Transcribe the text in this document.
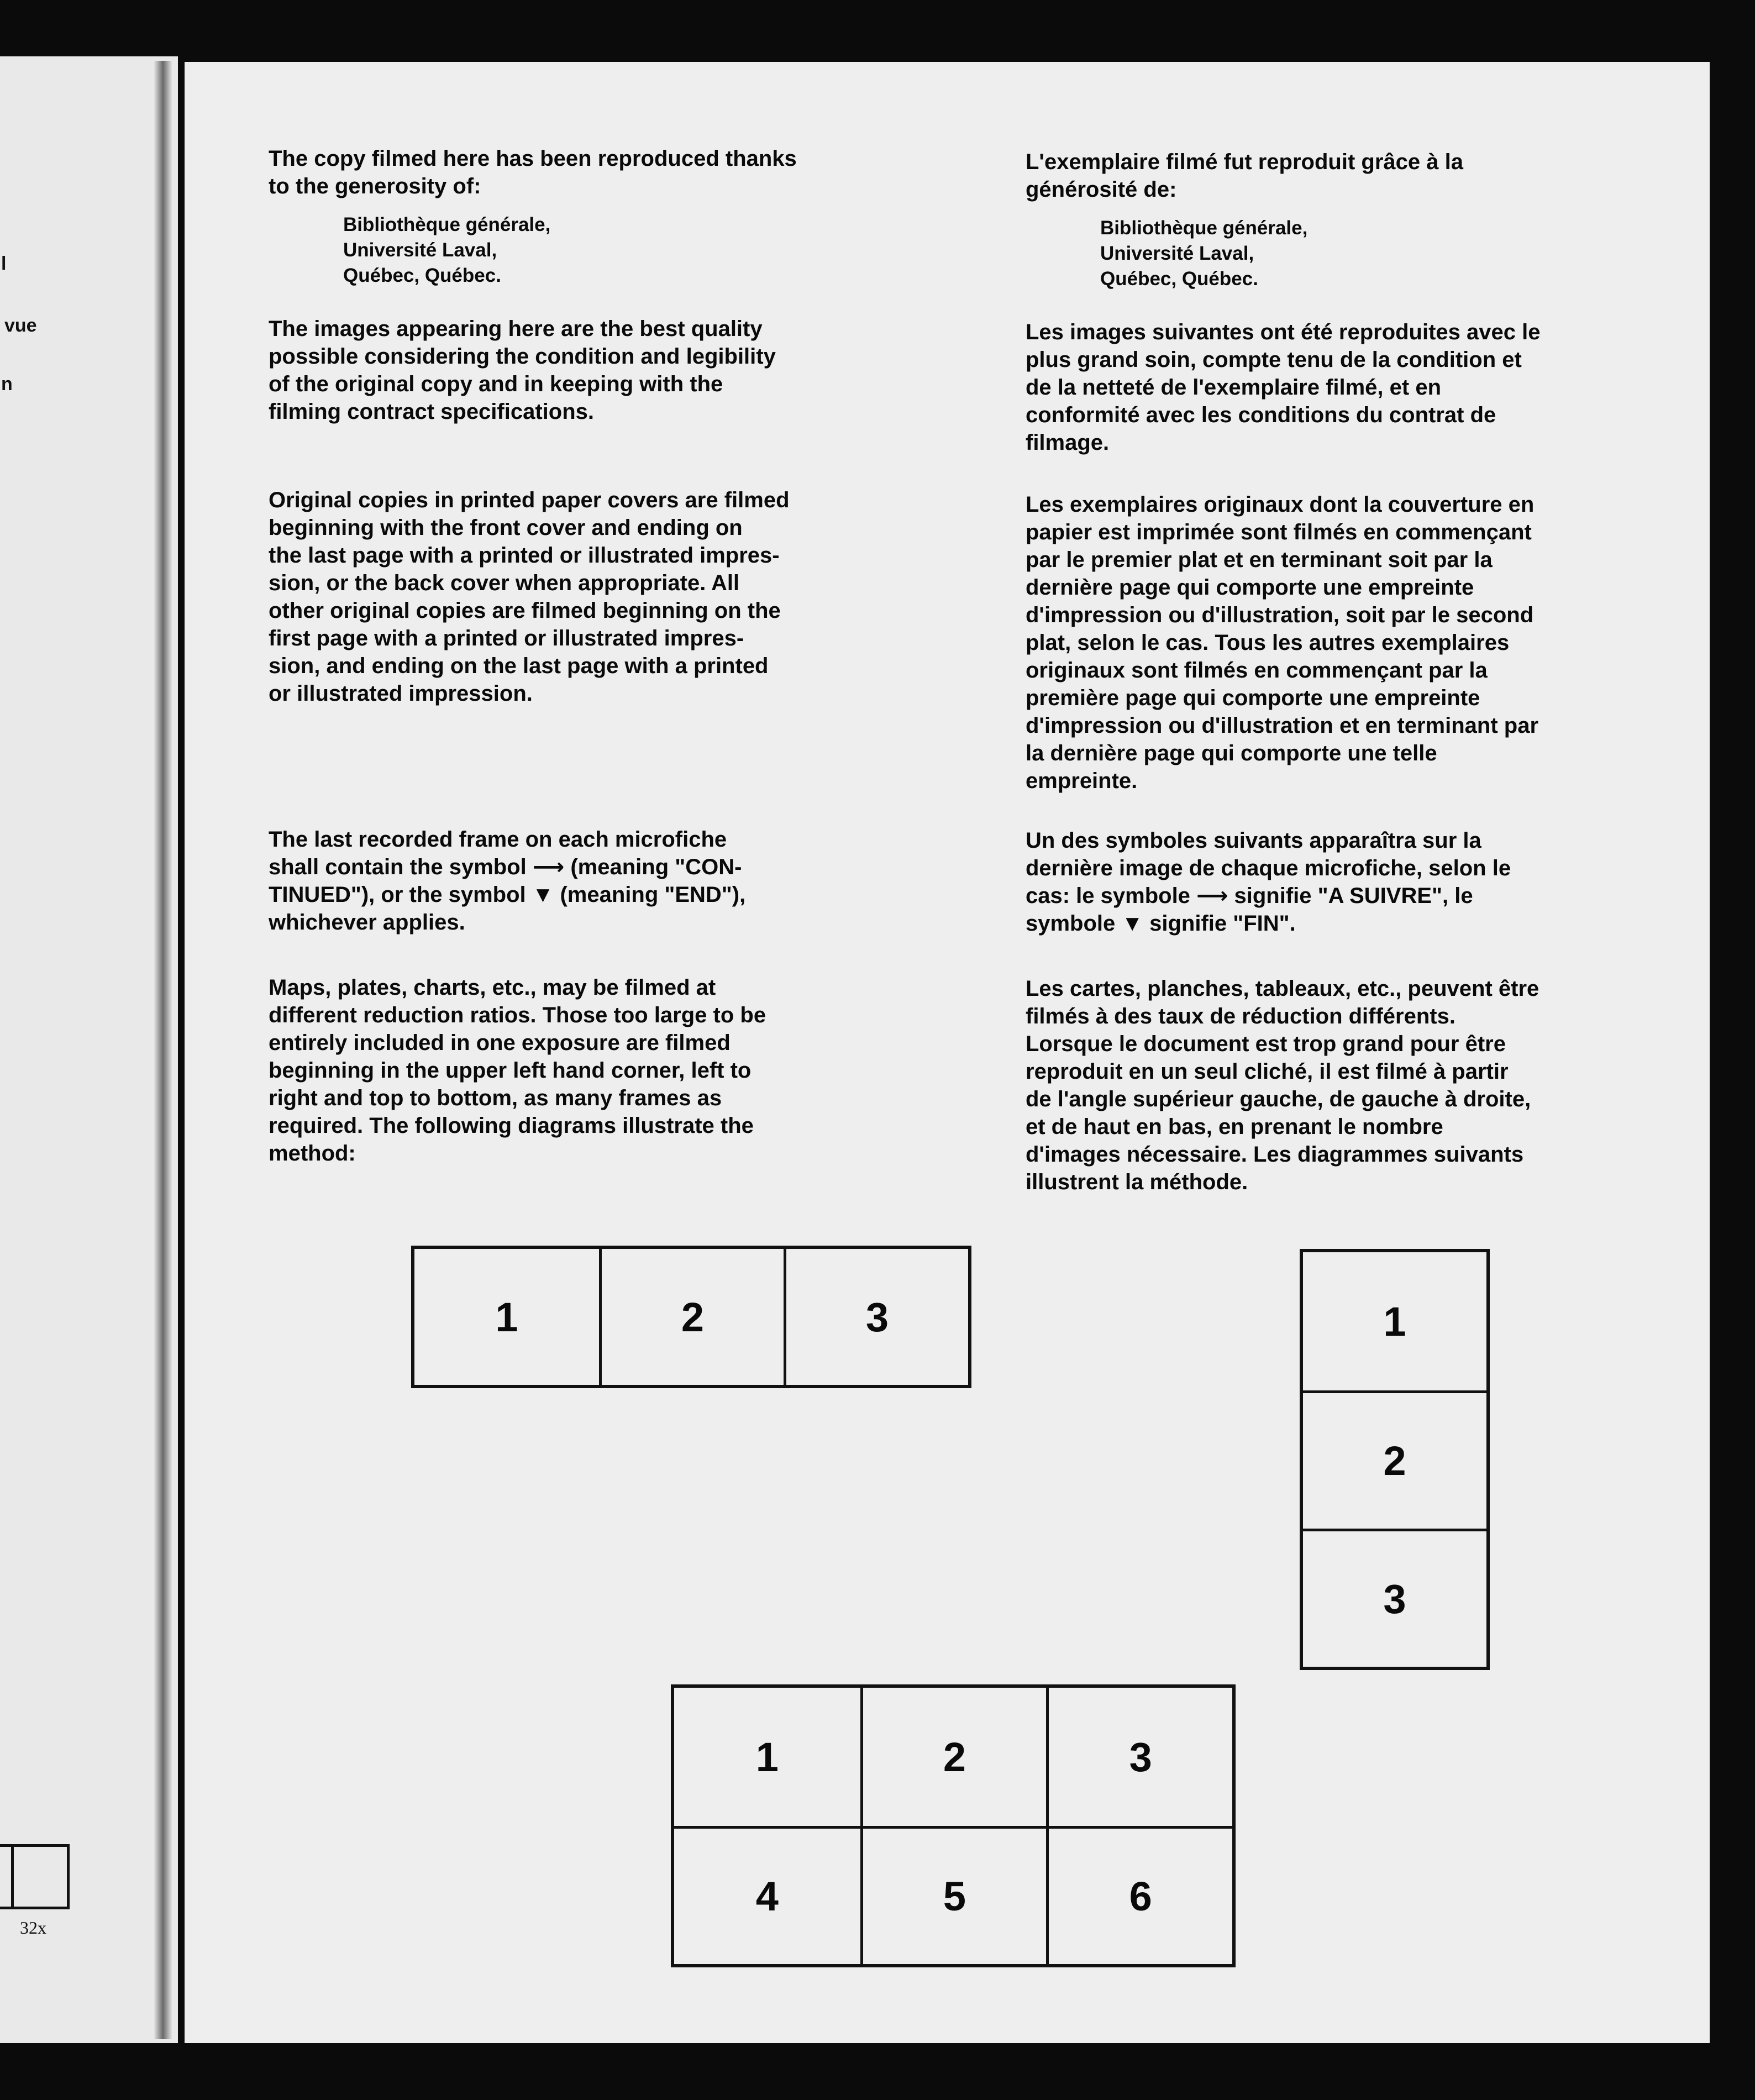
l

vue

n

32x

The copy filmed here has been reproduced thanks
to the generosity of:

Bibliothèque générale,
Université Laval,
Québec, Québec.

The images appearing here are the best quality
possible considering the condition and legibility
of the original copy and in keeping with the
filming contract specifications.

Original copies in printed paper covers are filmed
beginning with the front cover and ending on
the last page with a printed or illustrated impres-
sion, or the back cover when appropriate. All
other original copies are filmed beginning on the
first page with a printed or illustrated impres-
sion, and ending on the last page with a printed
or illustrated impression.

The last recorded frame on each microfiche
shall contain the symbol ⟶ (meaning "CON-
TINUED"), or the symbol ▼ (meaning "END"),
whichever applies.

Maps, plates, charts, etc., may be filmed at
different reduction ratios. Those too large to be
entirely included in one exposure are filmed
beginning in the upper left hand corner, left to
right and top to bottom, as many frames as
required. The following diagrams illustrate the
method:

L'exemplaire filmé fut reproduit grâce à la
générosité de:

Bibliothèque générale,
Université Laval,
Québec, Québec.

Les images suivantes ont été reproduites avec le
plus grand soin, compte tenu de la condition et
de la netteté de l'exemplaire filmé, et en
conformité avec les conditions du contrat de
filmage.

Les exemplaires originaux dont la couverture en
papier est imprimée sont filmés en commençant
par le premier plat et en terminant soit par la
dernière page qui comporte une empreinte
d'impression ou d'illustration, soit par le second
plat, selon le cas. Tous les autres exemplaires
originaux sont filmés en commençant par la
première page qui comporte une empreinte
d'impression ou d'illustration et en terminant par
la dernière page qui comporte une telle
empreinte.

Un des symboles suivants apparaîtra sur la
dernière image de chaque microfiche, selon le
cas: le symbole ⟶ signifie "A SUIVRE", le
symbole ▼ signifie "FIN".

Les cartes, planches, tableaux, etc., peuvent être
filmés à des taux de réduction différents.
Lorsque le document est trop grand pour être
reproduit en un seul cliché, il est filmé à partir
de l'angle supérieur gauche, de gauche à droite,
et de haut en bas, en prenant le nombre
d'images nécessaire. Les diagrammes suivants
illustrent la méthode.

1	2	3	1
2
3
1	2	3
4	5	6
